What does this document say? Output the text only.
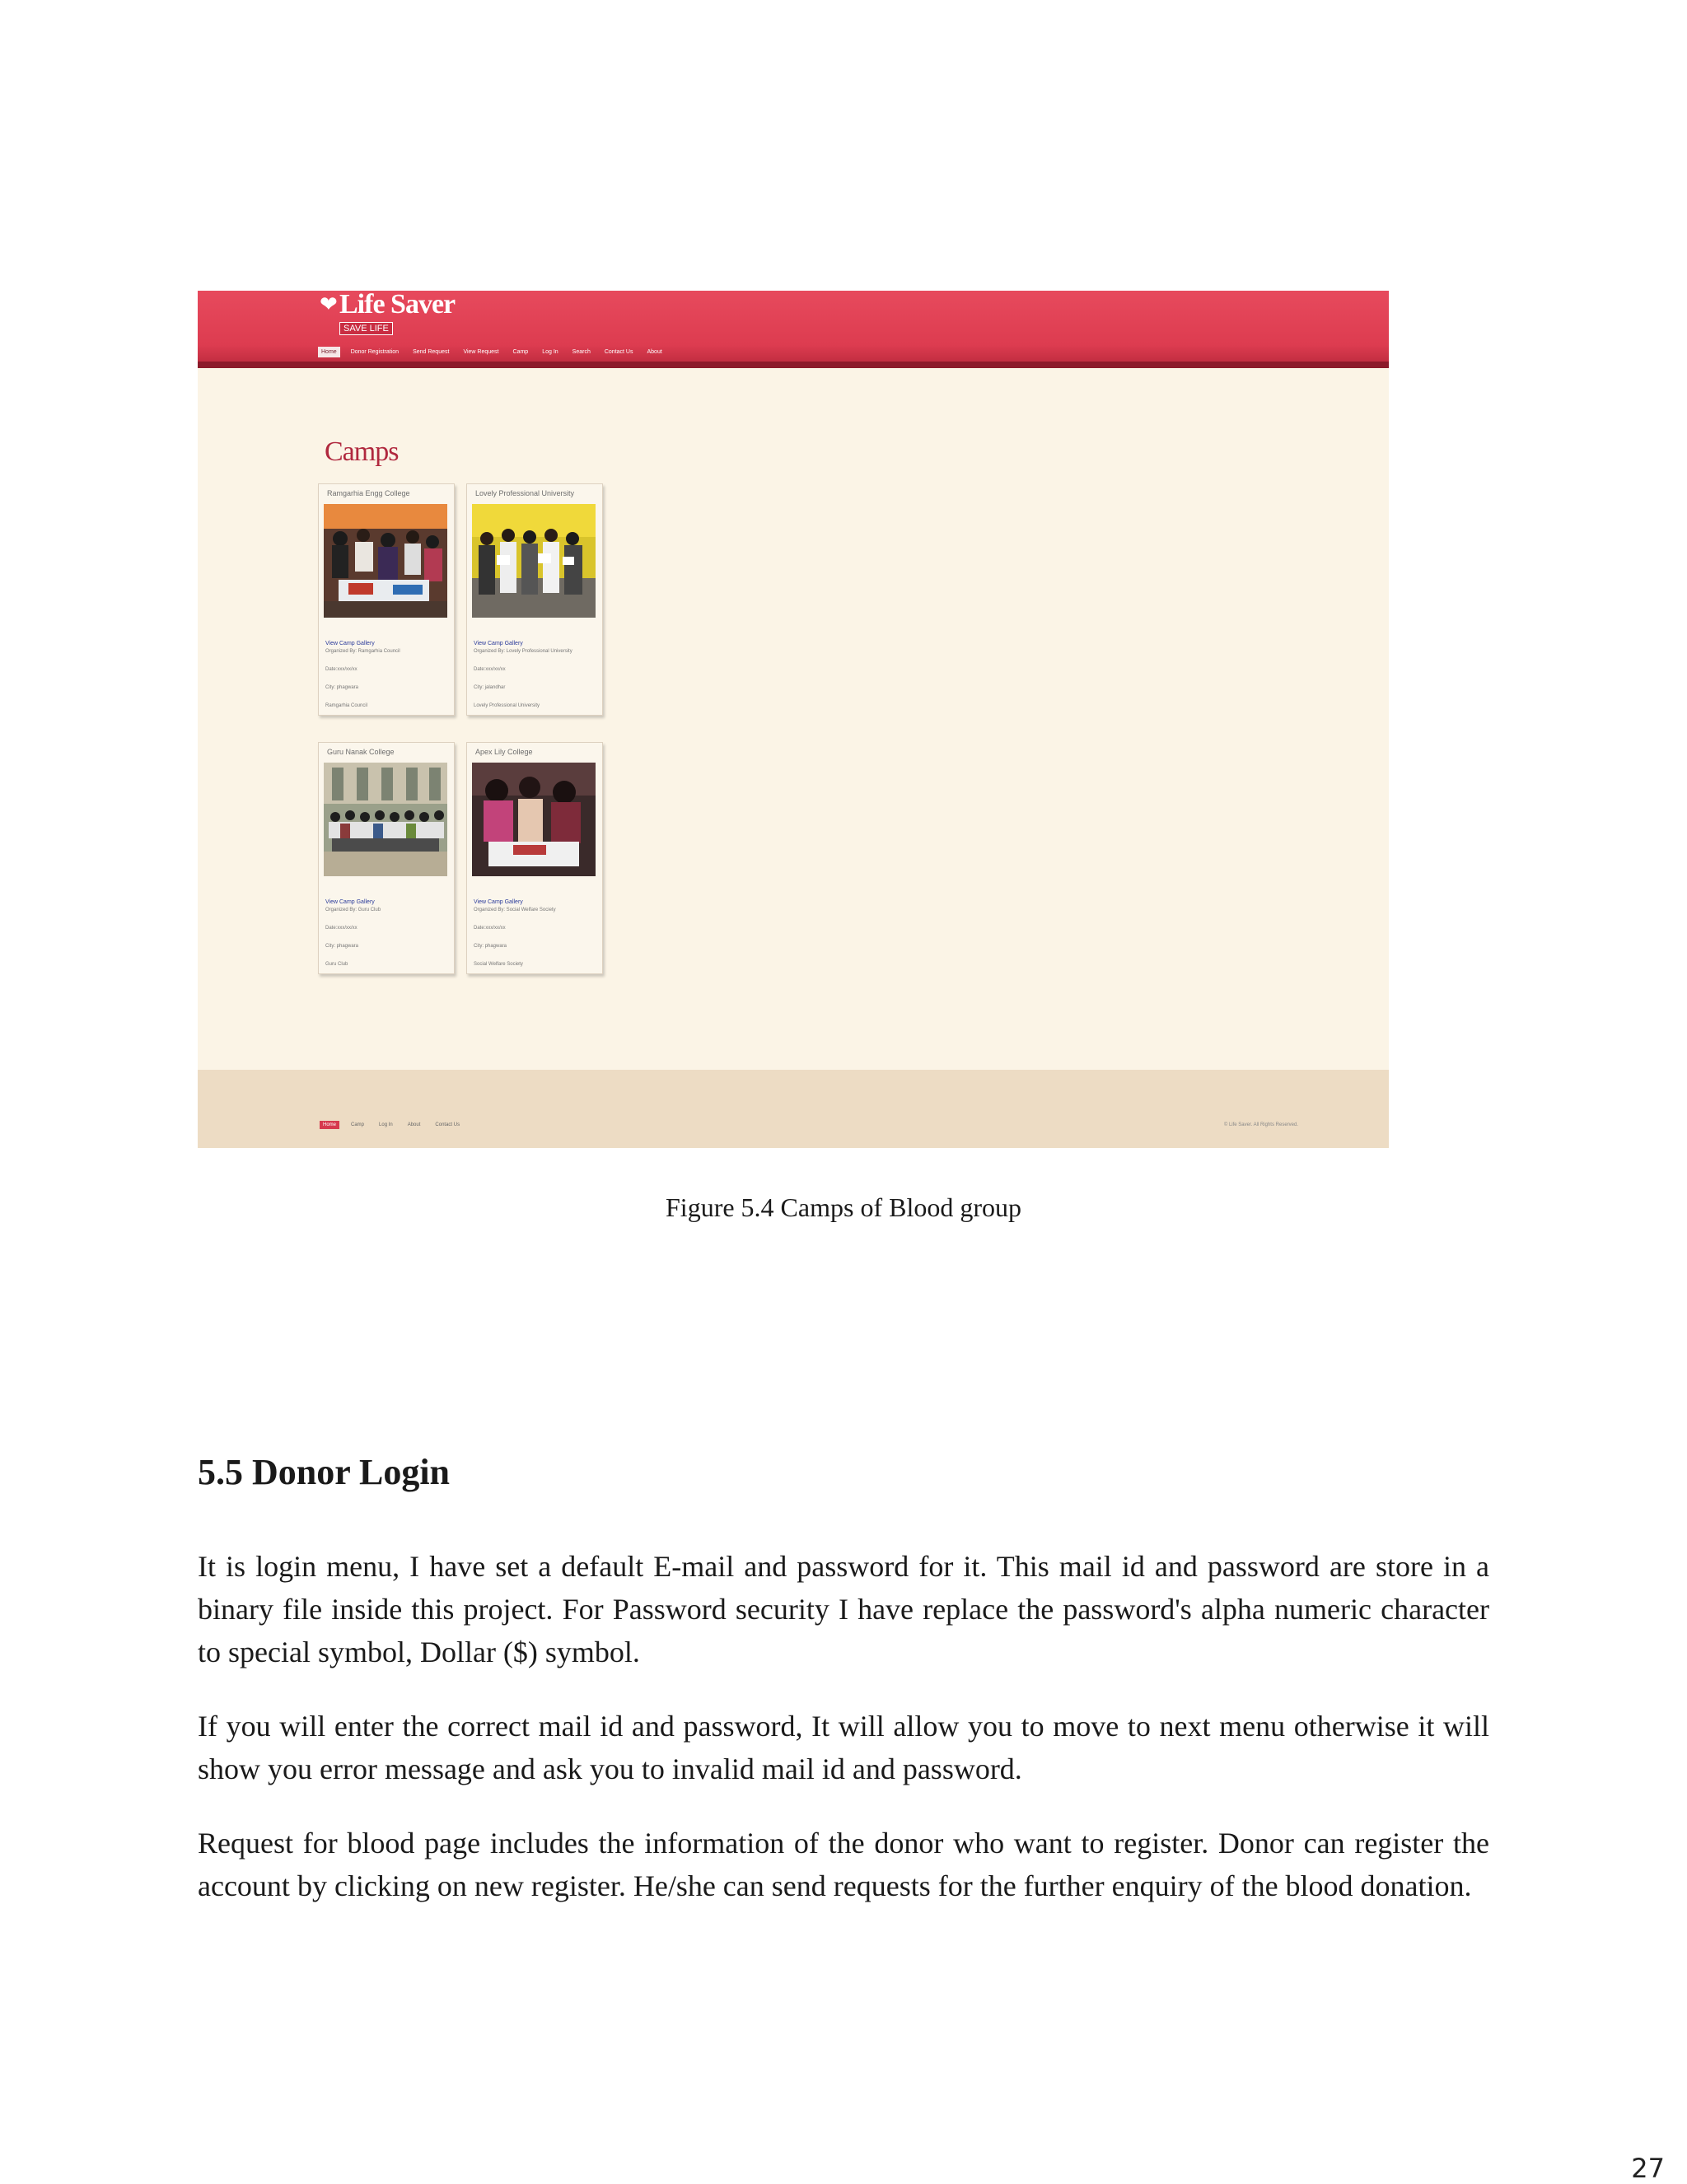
❤ Life Saver
SAVE LIFE
Home	Donor Registration	Send Request	View Request	Camp	Log In	Search	Contact Us	About
Camps
Ramgarhia Engg College
View Camp Gallery
Organized By: Ramgarhia Council
Date:xxx/xx/xx
City: phagwara
Ramgarhia Council
Lovely Professional University
View Camp Gallery
Organized By: Lovely Professional University
Date:xxx/xx/xx
City: jalandhar
Lovely Professional University
Guru Nanak College
View Camp Gallery
Organized By: Guru Club
Date:xxx/xx/xx
City: phagwara
Guru Club
Apex Lily College
View Camp Gallery
Organized By: Social Welfare Society
Date:xxx/xx/xx
City: phagwara
Social Welfare Society
Home	Camp	Log In	About	Contact Us	© Life Saver. All Rights Reserved.
Figure 5.4 Camps of Blood group
5.5 Donor Login

It is login menu, I have set a default E-mail and password for it. This mail id and password are store in a binary file inside this project. For Password security I have replace the password's alpha numeric character to special symbol, Dollar ($) symbol.

If you will enter the correct mail id and password, It will allow you to move to next menu otherwise it will show you error message and ask you to invalid mail id and password.

Request for blood page includes the information of the donor who want to register. Donor can register the account by clicking on new register. He/she can send requests for the further enquiry of the blood donation.

27
